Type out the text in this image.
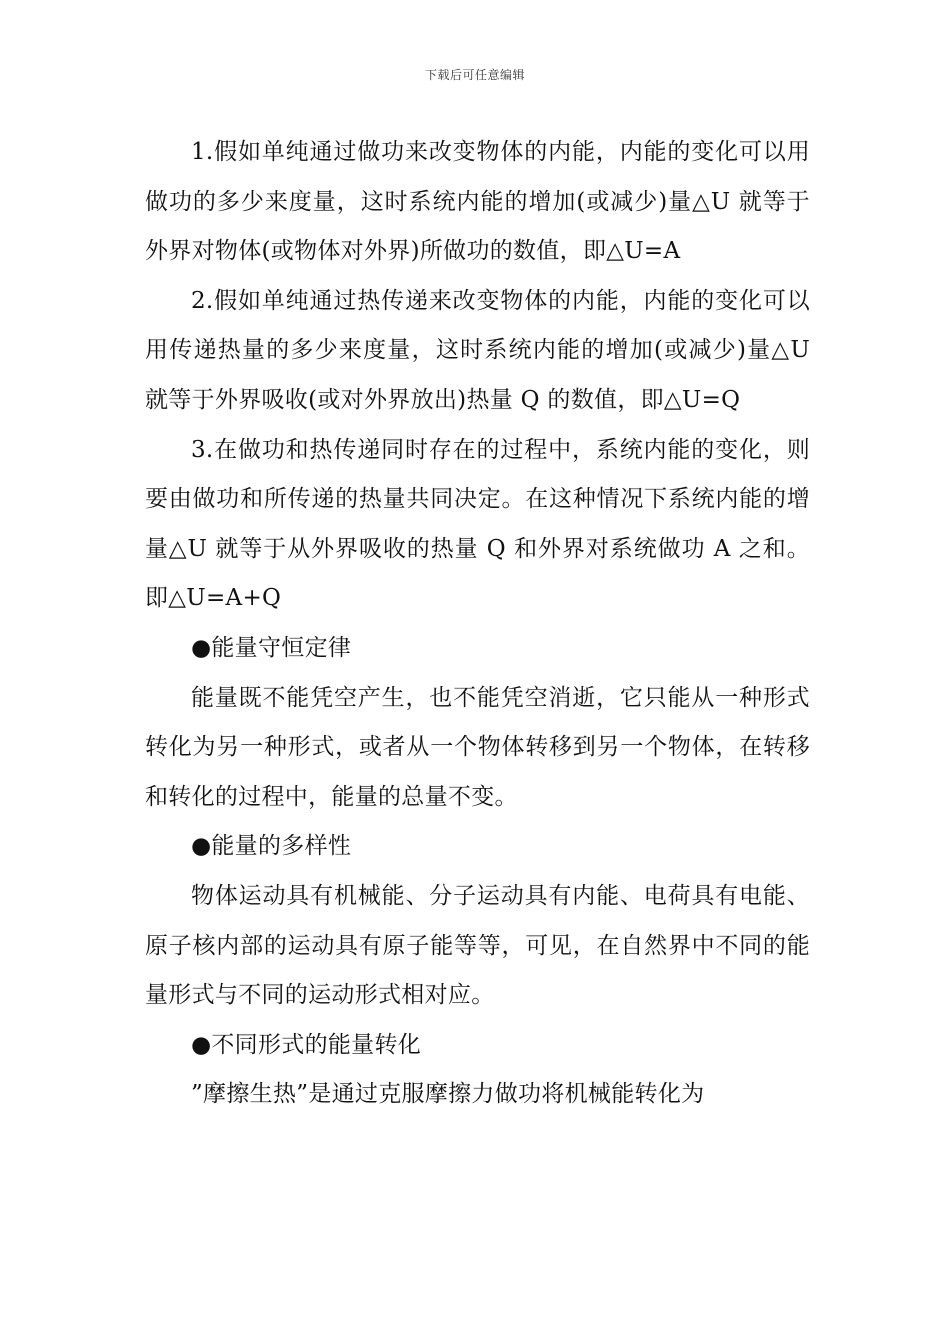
下载后可任意编辑

1.假如单纯通过做功来改变物体的内能，内能的变化可以用做功的多少来度量，这时系统内能的增加(或减少)量△U 就等于外界对物体(或物体对外界)所做功的数值，即△U=A

2.假如单纯通过热传递来改变物体的内能，内能的变化可以用传递热量的多少来度量，这时系统内能的增加(或减少)量△U 就等于外界吸收(或对外界放出)热量 Q 的数值，即△U=Q

3.在做功和热传递同时存在的过程中，系统内能的变化，则要由做功和所传递的热量共同决定。在这种情况下系统内能的增量△U 就等于从外界吸收的热量 Q 和外界对系统做功 A 之和。即△U=A+Q

●能量守恒定律

能量既不能凭空产生，也不能凭空消逝，它只能从一种形式转化为另一种形式，或者从一个物体转移到另一个物体，在转移和转化的过程中，能量的总量不变。

●能量的多样性

物体运动具有机械能、分子运动具有内能、电荷具有电能、原子核内部的运动具有原子能等等，可见，在自然界中不同的能量形式与不同的运动形式相对应。

●不同形式的能量转化

”摩擦生热”是通过克服摩擦力做功将机械能转化为
